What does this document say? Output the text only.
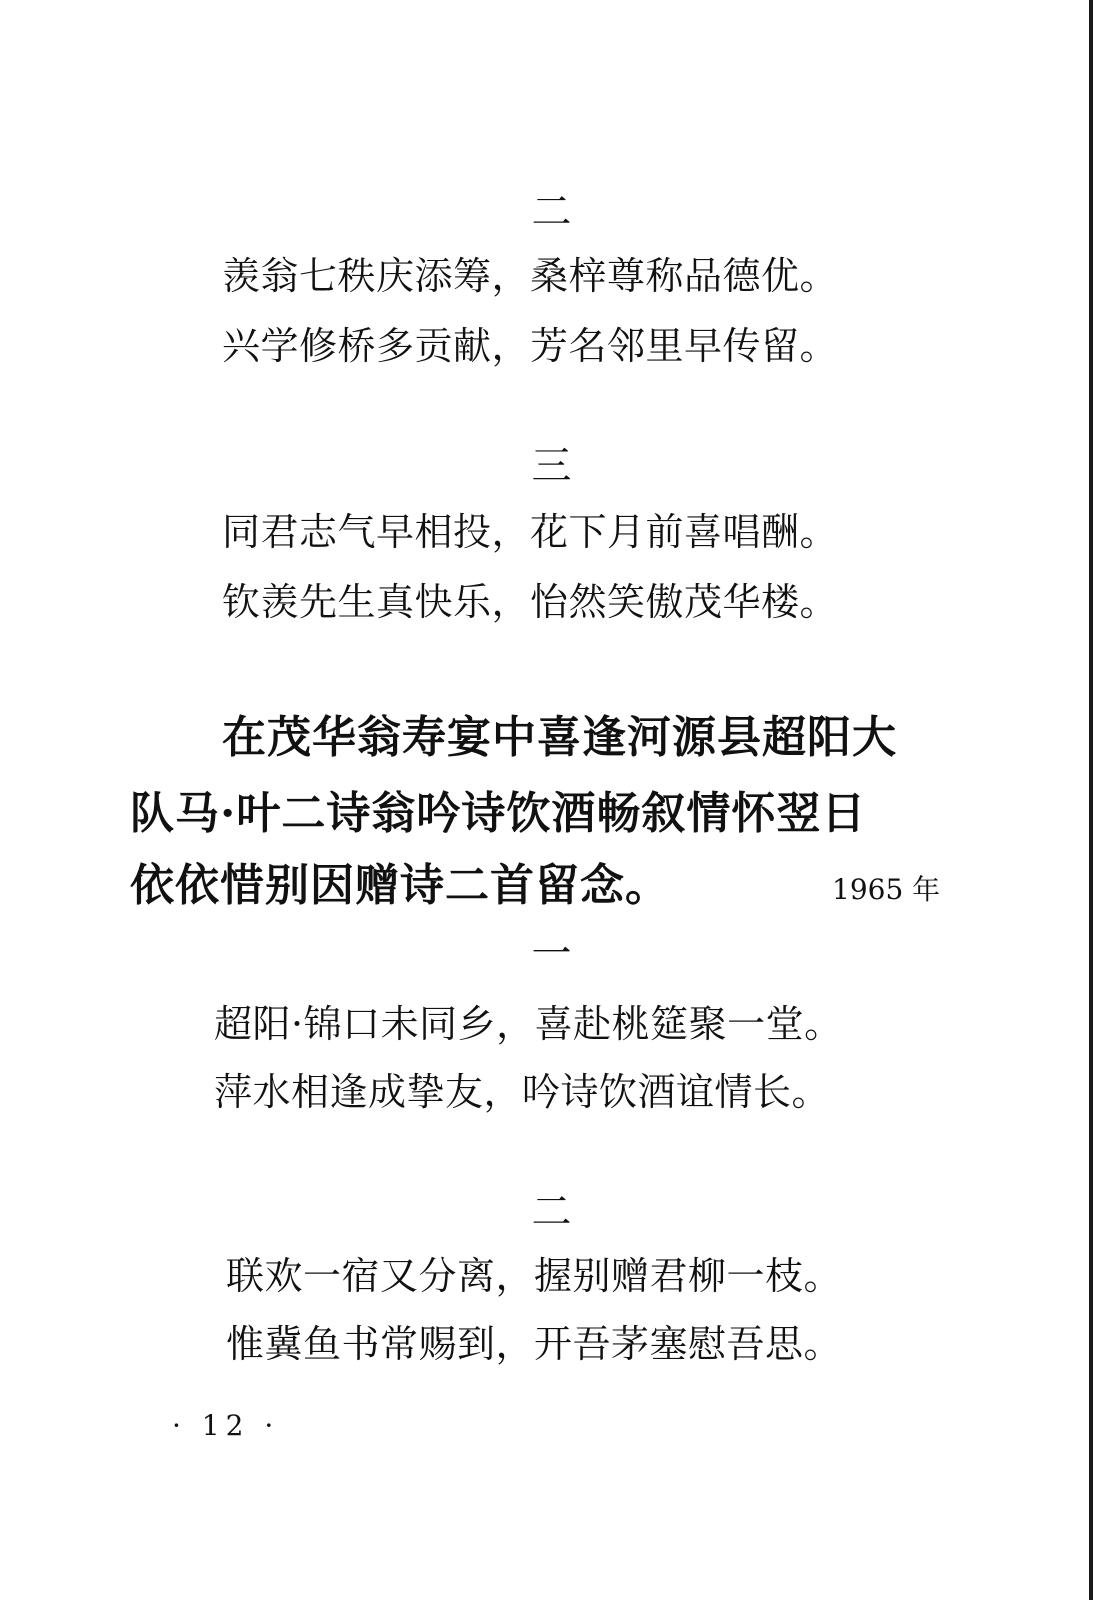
二
羡翁七秩庆添筹，桑梓尊称品德优。
兴学修桥多贡献，芳名邻里早传留。
三
同君志气早相投，花下月前喜唱酬。
钦羡先生真快乐，怡然笑傲茂华楼。
在茂华翁寿宴中喜逢河源县超阳大
队马·叶二诗翁吟诗饮酒畅叙情怀翌日
依依惜别因赠诗二首留念。	1965 年
一
超阳·锦口未同乡，喜赴桃筵聚一堂。
萍水相逢成挚友，吟诗饮酒谊情长。
二
联欢一宿又分离，握别赠君柳一枝。
惟冀鱼书常赐到，开吾茅塞慰吾思。
· 12 ·
